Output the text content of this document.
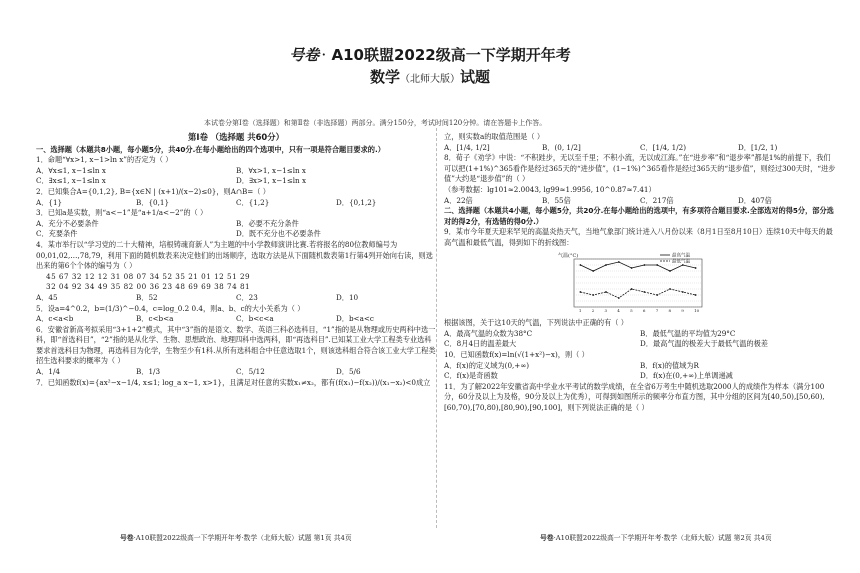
号卷 · A10联盟2022级高一下学期开年考
数学（北师大版）试题
本试卷分第Ⅰ卷（选择题）和第Ⅱ卷（非选择题）两部分。满分150分，考试时间120分钟。请在答题卡上作答。
第Ⅰ卷 （选择题 共60分）

一、选择题（本题共8小题，每小题5分，共40分.在每小题给出的四个选项中，只有一项是符合题目要求的.）

1．命题“∀x>1, x−1>ln x”的否定为（ ）

A．∀x≤1, x−1≤ln x	B．∀x>1, x−1≤ln x
C．∃x≤1, x−1≤ln x	D．∃x>1, x−1≤ln x

2．已知集合A={0,1,2}, B={x∈N | (x+1)/(x−2)≤0}，则A∩B=（ ）

A．{1}	B．{0,1}	C．{1,2}	D．{0,1,2}

3．已知a是实数，则“a<−1”是“a+1/a<−2”的（ ）

A．充分不必要条件	B．必要不充分条件
C．充要条件	D．既不充分也不必要条件

4．某市举行以“学习党的二十大精神，培根铸魂育新人”为主题的中小学教师演讲比赛.若将报名的80位教师编号为00,01,02,…,78,79，利用下面的随机数表来决定他们的出场顺序，选取方法是从下面随机数表第1行第4列开始向右读，则选出来的第6个个体的编号为（ ）

45 67 32 12 12 31 08 07 34 52 35 21 01 12 51 29
32 04 92 34 49 35 82 00 36 23 48 69 69 38 74 81
A．45	B．52	C．23	D．10

5．设a=4^0.2，b=(1/3)^−0.4，c=log_0.2 0.4，则a、b、c的大小关系为（ ）

A．c<a<b	B．c<b<a	C．b<c<a	D．b<a<c

6．安徽省新高考拟采用“3+1+2”模式，其中“3”指的是语文、数学、英语三科必选科目，“1”指的是从物理或历史两科中选一科，即“首选科目”，“2”指的是从化学、生物、思想政治、地理四科中选两科，即“再选科目”.已知某工业大学工程类专业选科要求首选科目为物理，再选科目为化学，生物至少有1科.从所有选科组合中任意选取1个，则该选科组合符合该工业大学工程类招生选科要求的概率为（ ）

A．1/4	B．1/3	C．5/12	D．5/6

7．已知函数f(x)={ax²−x−1/4, x≤1; log_a x−1, x>1}，且满足对任意的实数x₁≠x₂，都有(f(x₁)−f(x₂))/(x₁−x₂)<0成立

立，则实数a的取值范围是（ ）

A．[1/4, 1/2]	B．(0, 1/2]	C．[1/4, 1/2)	D．[1/2, 1)

8．荀子《劝学》中说：“不积跬步，无以至千里；不积小流，无以成江海。”在“进步率”和“退步率”都是1%的前提下，我们可以把(1+1%)^365看作是经过365天的“进步值”，(1−1%)^365看作是经过365天的“退步值”，则经过300天时，“进步值”大约是“退步值”的（ ）

（参考数据：lg101≈2.0043, lg99≈1.9956, 10^0.87≈7.41）

A．22倍	B．55倍	C．217倍	D．407倍

二、选择题（本题共4小题，每小题5分，共20分.在每小题给出的选项中，有多项符合题目要求.全部选对的得5分，部分选对的得2分，有选错的得0分.）

9．某市今年夏天迎来罕见的高温炎热天气，当地气象部门统计进入八月份以来（8月1日至8月10日）连续10天中每天的最高气温和最低气温，得到如下的折线图：

气温(°C)	最高气温
最低气温
1	2	3	4	5	6	7	8	9	10

根据该图，关于这10天的气温，下列说法中正确的有（ ）

A．最高气温的众数为38°C	B．最低气温的平均值为29°C
C．8月4日的温差最大	D．最高气温的极差大于最低气温的极差

10．已知函数f(x)=ln(√(1+x²)−x)，则（ ）

A．f(x)的定义域为(0,+∞)	B．f(x)的值域为R
C．f(x)是奇函数	D．f(x)在(0,+∞)上单调递减

11．为了解2022年安徽省高中学业水平考试的数学成绩，在全省6万考生中随机选取2000人的成绩作为样本（满分100分，60分及以上为及格，90分及以上为优秀），可得到如图所示的频率分布直方图，其中分组的区间为[40,50),[50,60),[60,70),[70,80),[80,90),[90,100]，则下列说法正确的是（ ）

号卷·A10联盟2022级高一下学期开年考·数学（北师大版）试题 第1页 共4页	号卷·A10联盟2022级高一下学期开年考·数学（北师大版）试题 第2页 共4页
